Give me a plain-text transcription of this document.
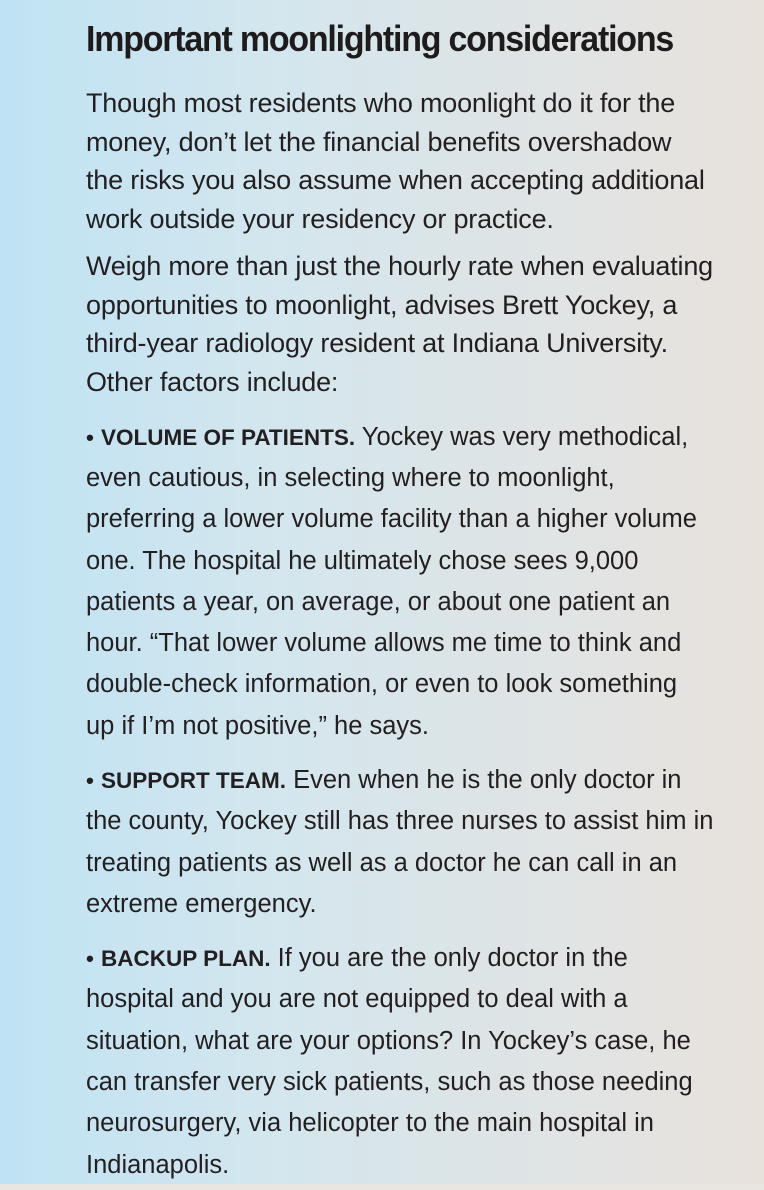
Important moonlighting considerations

Though most residents who moonlight do it for the
money, don’t let the financial benefits overshadow
the risks you also assume when accepting additional
work outside your residency or practice.

Weigh more than just the hourly rate when evaluating
opportunities to moonlight, advises Brett Yockey, a
third-year radiology resident at Indiana University.
Other factors include:

• VOLUME OF PATIENTS. Yockey was very methodical,
even cautious, in selecting where to moonlight,
preferring a lower volume facility than a higher volume
one. The hospital he ultimately chose sees 9,000
patients a year, on average, or about one patient an
hour. “That lower volume allows me time to think and
double-check information, or even to look something
up if I’m not positive,” he says.

• SUPPORT TEAM. Even when he is the only doctor in
the county, Yockey still has three nurses to assist him in
treating patients as well as a doctor he can call in an
extreme emergency.

• BACKUP PLAN. If you are the only doctor in the
hospital and you are not equipped to deal with a
situation, what are your options? In Yockey’s case, he
can transfer very sick patients, such as those needing
neurosurgery, via helicopter to the main hospital in
Indianapolis.
